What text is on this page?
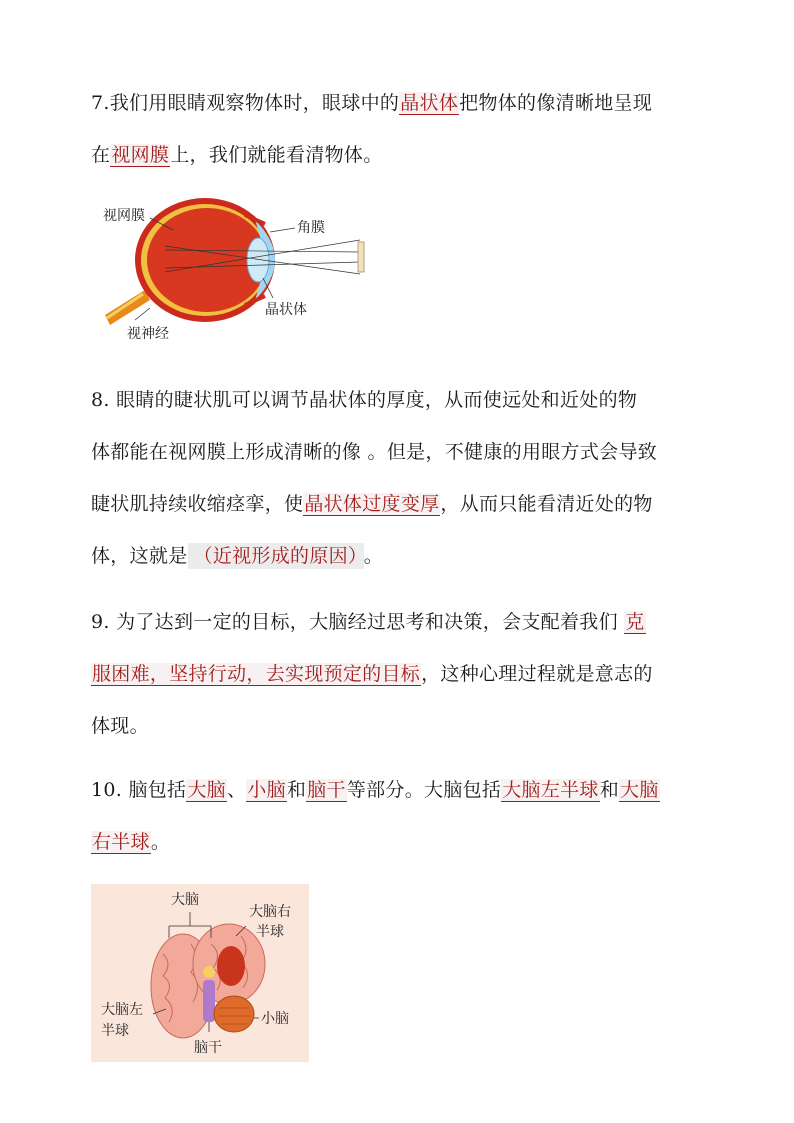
7.我们用眼睛观察物体时，眼球中的晶状体把物体的像清晰地呈现
在视网膜上，我们就能看清物体。

视网膜
角膜
晶状体
视神经

8. 眼睛的睫状肌可以调节晶状体的厚度，从而使远处和近处的物
体都能在视网膜上形成清晰的像 。但是，不健康的用眼方式会导致
睫状肌持续收缩痉挛，使晶状体过度变厚，从而只能看清近处的物
体，这就是 （近视形成的原因） 。

9. 为了达到一定的目标，大脑经过思考和决策，会支配着我们 克
服困难，坚持行动，去实现预定的目标，这种心理过程就是意志的
体现。

10. 脑包括大脑、小脑和脑干等部分。大脑包括大脑左半球和大脑
右半球。

大脑
大脑右
半球
大脑左
半球
小脑
脑干
